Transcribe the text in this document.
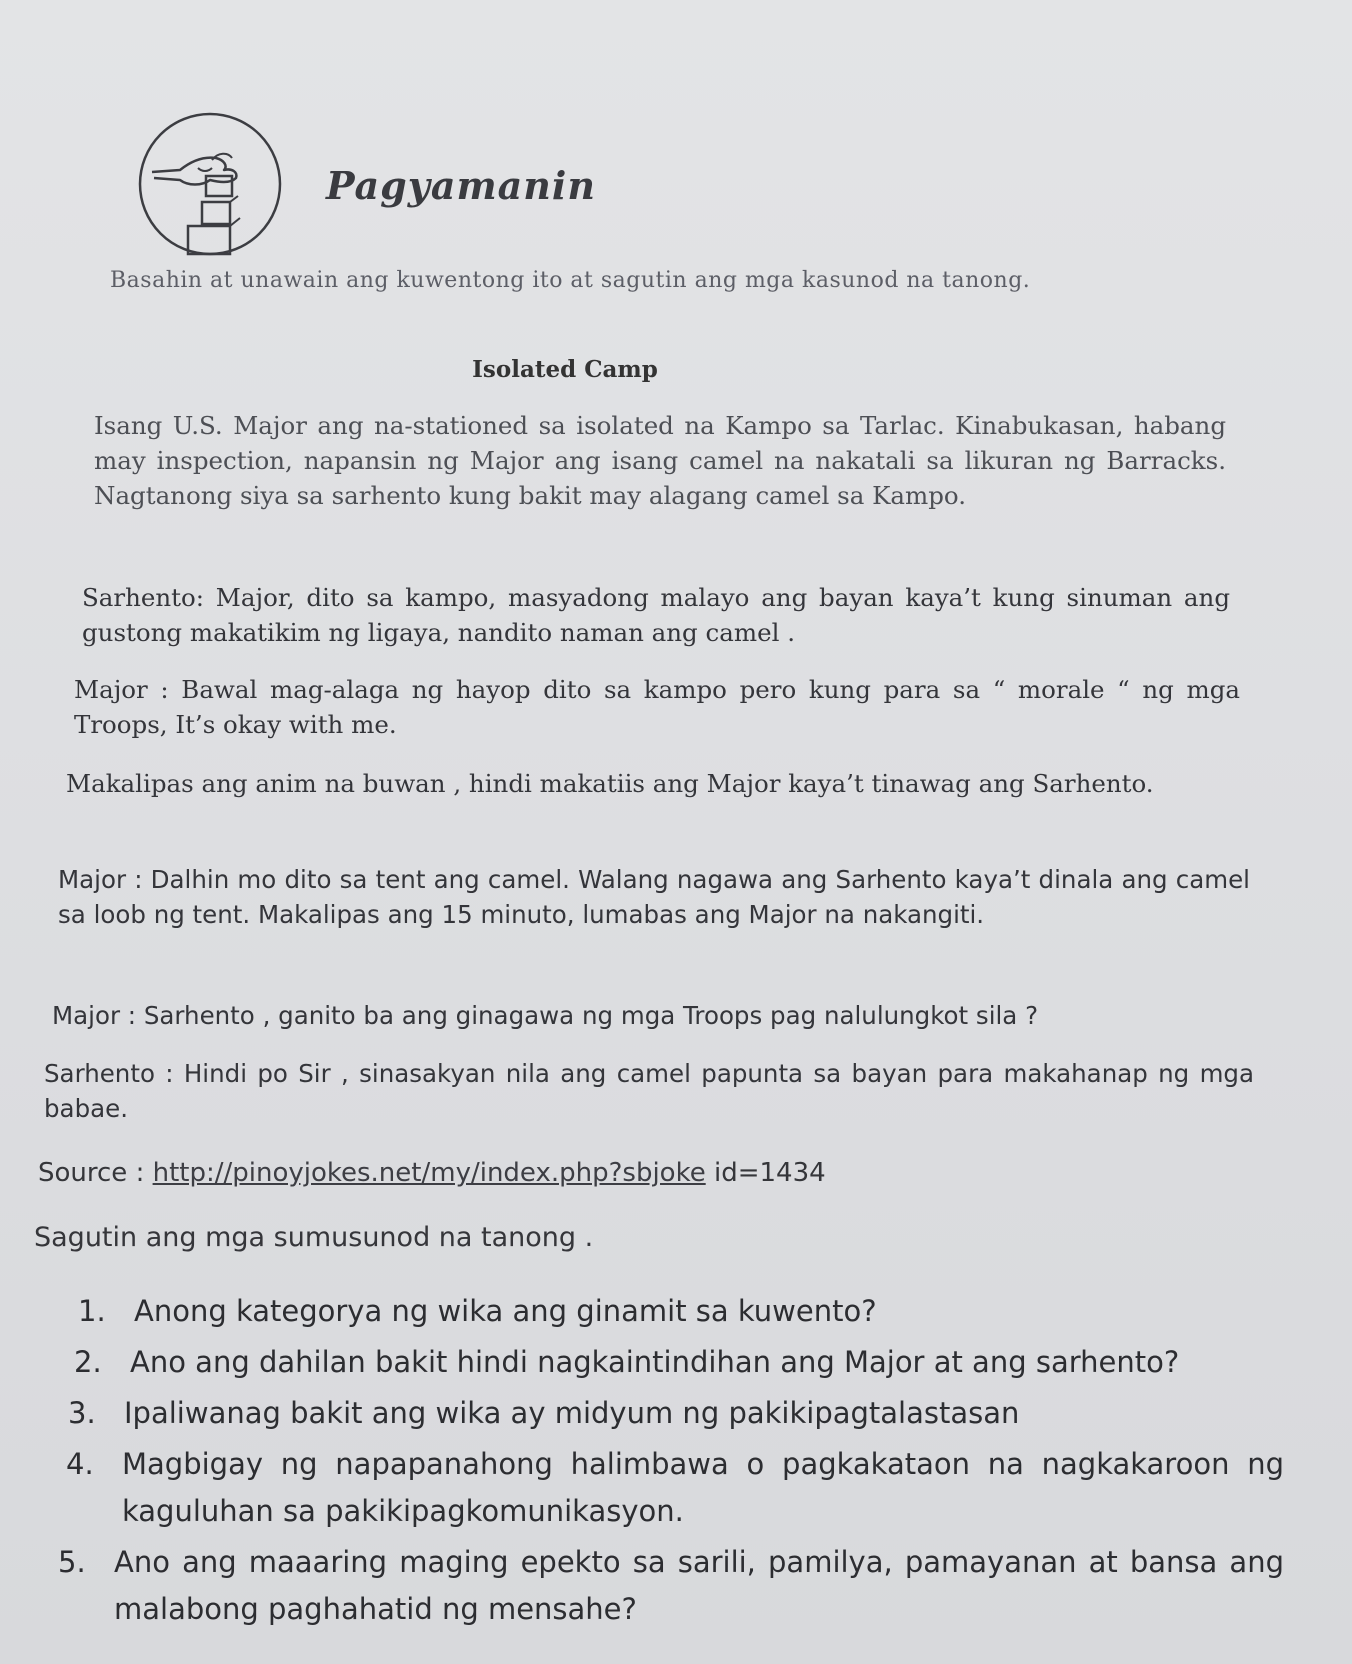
Pagyamanin
Basahin at unawain ang kuwentong ito at sagutin ang mga kasunod na tanong.
Isolated Camp
Isang U.S. Major ang na-stationed sa isolated na Kampo sa Tarlac. Kinabukasan, habang may inspection, napansin ng Major ang isang camel na nakatali sa likuran ng Barracks. Nagtanong siya sa sarhento kung bakit may alagang camel sa Kampo.
Sarhento: Major, dito sa kampo, masyadong malayo ang bayan kaya’t kung sinuman ang gustong makatikim ng ligaya, nandito naman ang camel .
Major : Bawal mag-alaga ng hayop dito sa kampo pero kung para sa “ morale “ ng mga Troops, It’s okay with me.
Makalipas ang anim na buwan , hindi makatiis ang Major kaya’t tinawag ang Sarhento.
Major : Dalhin mo dito sa tent ang camel. Walang nagawa ang Sarhento kaya’t dinala ang camel sa loob ng tent. Makalipas ang 15 minuto, lumabas ang Major na nakangiti.
Major : Sarhento , ganito ba ang ginagawa ng mga Troops pag nalulungkot sila ?
Sarhento : Hindi po Sir , sinasakyan nila ang camel papunta sa bayan para makahanap ng mga babae.
Source : http://pinoyjokes.net/my/index.php?sbjoke id=1434
Sagutin ang mga sumusunod na tanong .
1. Anong kategorya ng wika ang ginamit sa kuwento?
2. Ano ang dahilan bakit hindi nagkaintindihan ang Major at ang sarhento?
3. Ipaliwanag bakit ang wika ay midyum ng pakikipagtalastasan
4. Magbigay ng napapanahong halimbawa o pagkakataon na nagkakaroon ng kaguluhan sa pakikipagkomunikasyon.
5. Ano ang maaaring maging epekto sa sarili, pamilya, pamayanan at bansa ang malabong paghahatid ng mensahe?
